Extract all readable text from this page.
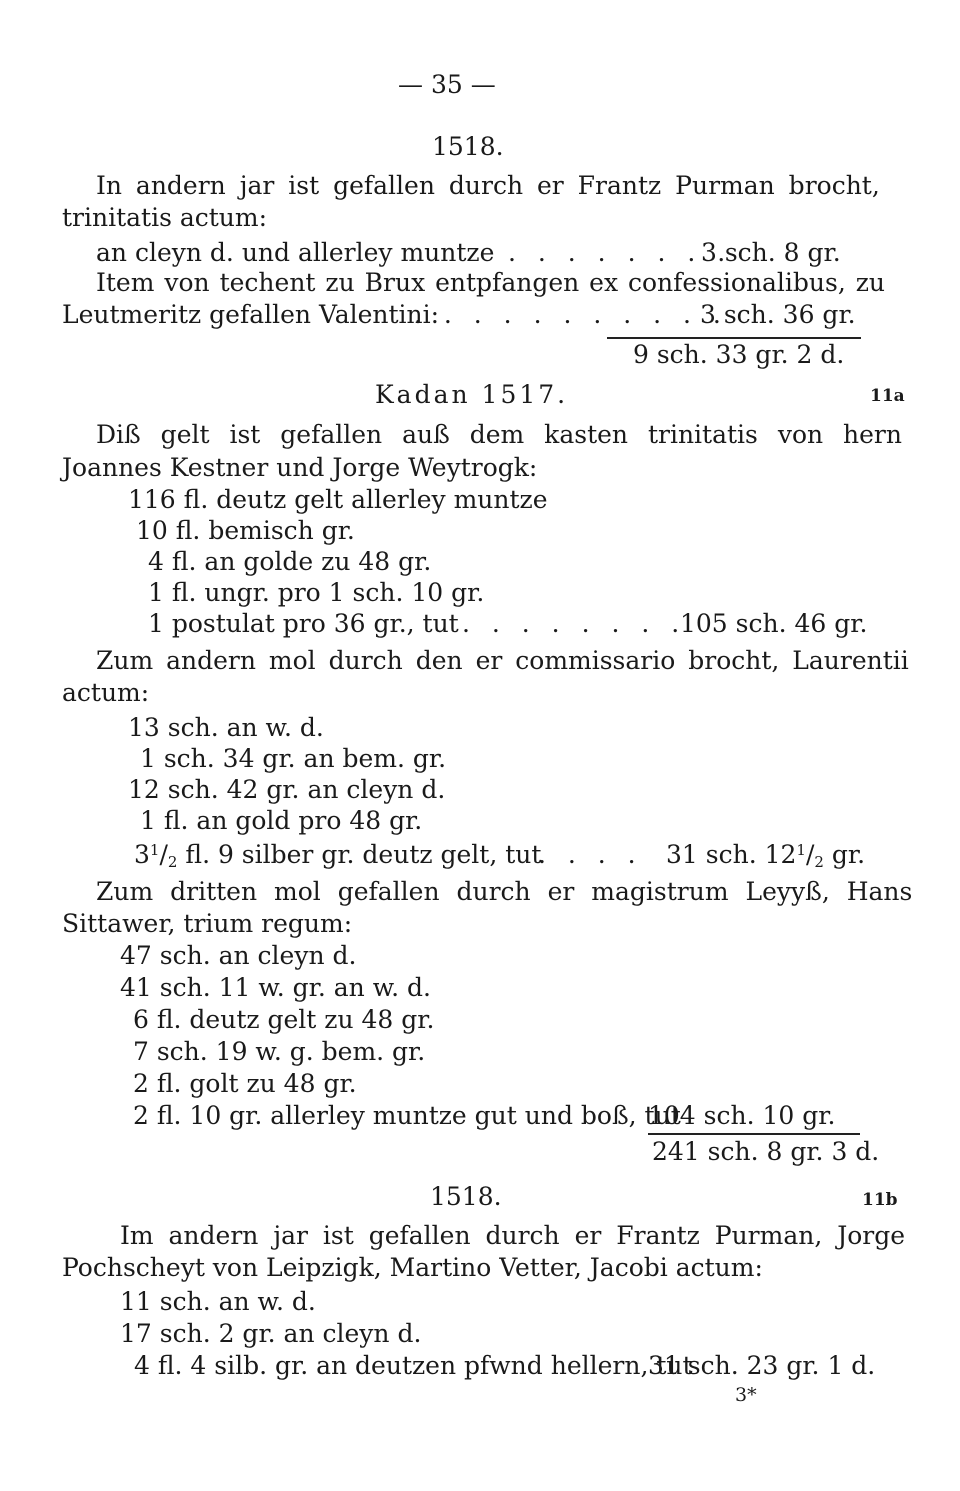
— 35 —
1518.
In andern jar ist gefallen durch er Frantz Purman brocht,
trinitatis actum:
an cleyn d. und allerley muntze . . . . . . . .
3 sch. 8 gr.
Item von techent zu Brux entpfangen ex confessionalibus, zu
Leutmeritz gefallen Valentini:
. . . . . . . . . . .
3 sch. 36 gr.
9 sch. 33 gr. 2 d.
Kadan 1517.	11a
Diß gelt ist gefallen auß dem kasten trinitatis von hern
Joannes Kestner und Jorge Weytrogk:
116 fl. deutz gelt allerley muntze
10 fl. bemisch gr.
4 fl. an golde zu 48 gr.
1 fl. ungr. pro 1 sch. 10 gr.
1 postulat pro 36 gr., tut . . . . . . . .
105 sch. 46 gr.
Zum andern mol durch den er commissario brocht, Laurentii
actum:
13 sch. an w. d.
1 sch. 34 gr. an bem. gr.
12 sch. 42 gr. an cleyn d.
1 fl. an gold pro 48 gr.
$3^1/2$ fl. 9 silber gr. deutz gelt, tut
. . . . 31 sch. $12^1/2$ gr.
Zum dritten mol gefallen durch er magistrum Leyyß, Hans
Sittawer, trium regum:
47 sch. an cleyn d.
41 sch. 11 w. gr. an w. d.
6 fl. deutz gelt zu 48 gr.
7 sch. 19 w. g. bem. gr.
2 fl. golt zu 48 gr.
2 fl. 10 gr. allerley muntze gut und boß, tut
104 sch. 10 gr.
241 sch. 8 gr. 3 d.
1518.	11b
Im andern jar ist gefallen durch er Frantz Purman, Jorge
Pochscheyt von Leipzigk, Martino Vetter, Jacobi actum:
11 sch. an w. d.
17 sch. 2 gr. an cleyn d.
4 fl. 4 silb. gr. an deutzen pfwnd hellern, tut
31 sch. 23 gr. 1 d.
3*
